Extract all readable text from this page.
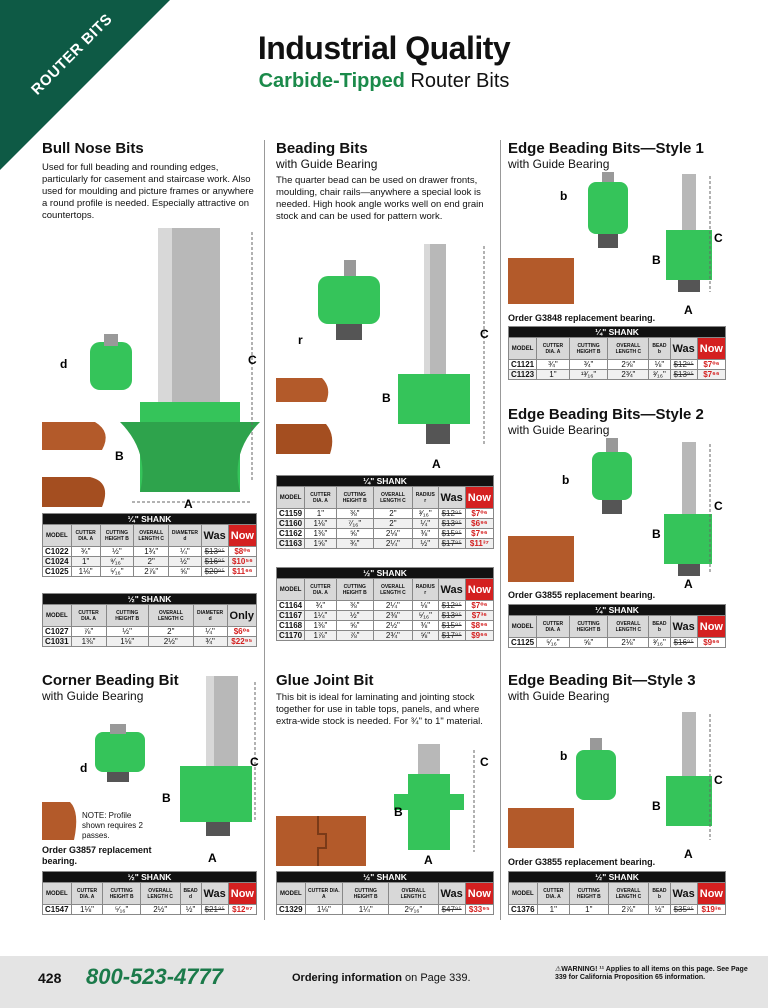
ROUTER BITS	Industrial Quality
Carbide-Tipped Router Bits
Bull Nose Bits
Used for full beading and rounding edges, particularly for casement and staircase work. Also used for moulding and picture frames or anywhere a round profile is needed. Especially attractive on countertops.
d	C
B
A
¼" SHANK						
MODEL	CUTTER DIA. A	CUTTING HEIGHT B	OVERALL LENGTH C	DIAMETER d	Was	Now
C1022	¾"	½"	1¾"	¼"	$13⁹⁵	$8⁰⁶
C1024	1"	⁹⁄₁₆"	2"	½"	$16⁹⁵	$10⁵⁶
C1025	1⅛"	⁵⁄₁₆"	2⅞"	⅝"	$20⁹⁵	$11⁶⁶
½" SHANK					
MODEL	CUTTER DIA. A	CUTTING HEIGHT B	OVERALL LENGTH C	DIAMETER d	Only
C1027	⅞"	½"	2"	¼"	$6⁰⁶
C1031	1⅜"	1⅛"	2½"	¾"	$22⁹⁵
Corner Beading Bit
with Guide Bearing
d	C
B
A
NOTE: Profile shown requires 2 passes.
Order G3857 replacement bearing.
½" SHANK						
MODEL	CUTTER DIA. A	CUTTING HEIGHT B	OVERALL LENGTH C	BEAD d	Was	Now
C1547	1⅛"	⁵⁄₁₆"	2½"	½"	$21⁹⁵	$12⁹⁷
Beading Bits
with Guide Bearing
The quarter bead can be used on drawer fronts, moulding, chair rails—anywhere a special look is needed. High hook angle works well on end grain stock and can be used for pattern work.
r	C
B
A
¼" SHANK						
MODEL	CUTTER DIA. A	CUTTING HEIGHT B	OVERALL LENGTH C	RADIUS r	Was	Now
C1159	1"	⅜"	2"	³⁄₁₆"	$12⁹⁵	$7⁰⁶
C1160	1⅛"	⁷⁄₁₆"	2"	¼"	$13⁹⁵	$6⁹⁶
C1162	1⅜"	⅝"	2⅛"	⅜"	$15⁹⁵	$7⁹⁶
C1163	1⅝"	¾"	2¼"	½"	$17⁹⁵	$11³⁷
½" SHANK						
MODEL	CUTTER DIA. A	CUTTING HEIGHT B	OVERALL LENGTH C	RADIUS r	Was	Now
C1164	¾"	⅜"	2¼"	⅛"	$12⁹⁵	$7⁰⁶
C1167	1¼"	½"	2⅜"	⁵⁄₁₆"	$13⁹⁵	$7³⁶
C1168	1⅜"	⅝"	2½"	⅜"	$15⁹⁵	$8⁹⁶
C1170	1⅞"	⅞"	2¾"	⅝"	$17⁹⁵	$9⁶⁶
Glue Joint Bit
This bit is ideal for laminating and jointing stock together for use in table tops, panels, and where extra-wide stock is needed. For ¾" to 1" material.
C
B
A
½" SHANK					
MODEL	CUTTER DIA. A	CUTTING HEIGHT B	OVERALL LENGTH C	Was	Now
C1329	1⅛"	1¼"	2⁵⁄₁₆"	$47⁹⁵	$33⁹⁵
Edge Beading Bits—Style 1
with Guide Bearing
b
C
B
A
Order G3848 replacement bearing.
¼" SHANK						
MODEL	CUTTER DIA. A	CUTTING HEIGHT B	OVERALL LENGTH C	BEAD b	Was	Now
C1121	¾"	¾"	2⅝"	⅛"	$12⁹⁵	$7⁰⁶
C1123	1"	¹³⁄₁₆"	2¾"	³⁄₁₆"	$13⁹⁵	$7⁶⁶
Edge Beading Bits—Style 2
with Guide Bearing
b
C
B
A
Order G3855 replacement bearing.
¼" SHANK						
MODEL	CUTTER DIA. A	CUTTING HEIGHT B	OVERALL LENGTH C	BEAD b	Was	Now
C1125	⁵⁄₁₆"	⅝"	2⅛"	³⁄₁₆"	$16⁹⁵	$9⁶⁶
Edge Beading Bit—Style 3
with Guide Bearing
b
C
B
A
Order G3855 replacement bearing.
½" SHANK						
MODEL	CUTTER DIA. A	CUTTING HEIGHT B	OVERALL LENGTH C	BEAD b	Was	Now
C1376	1"	1"	2⅞"	½"	$35⁹⁵	$19³⁶
428 800-523-4777	Ordering information on Page 339.
⚠WARNING! ¹¹ Applies to all items on this page. See Page 339 for California Proposition 65 information.
